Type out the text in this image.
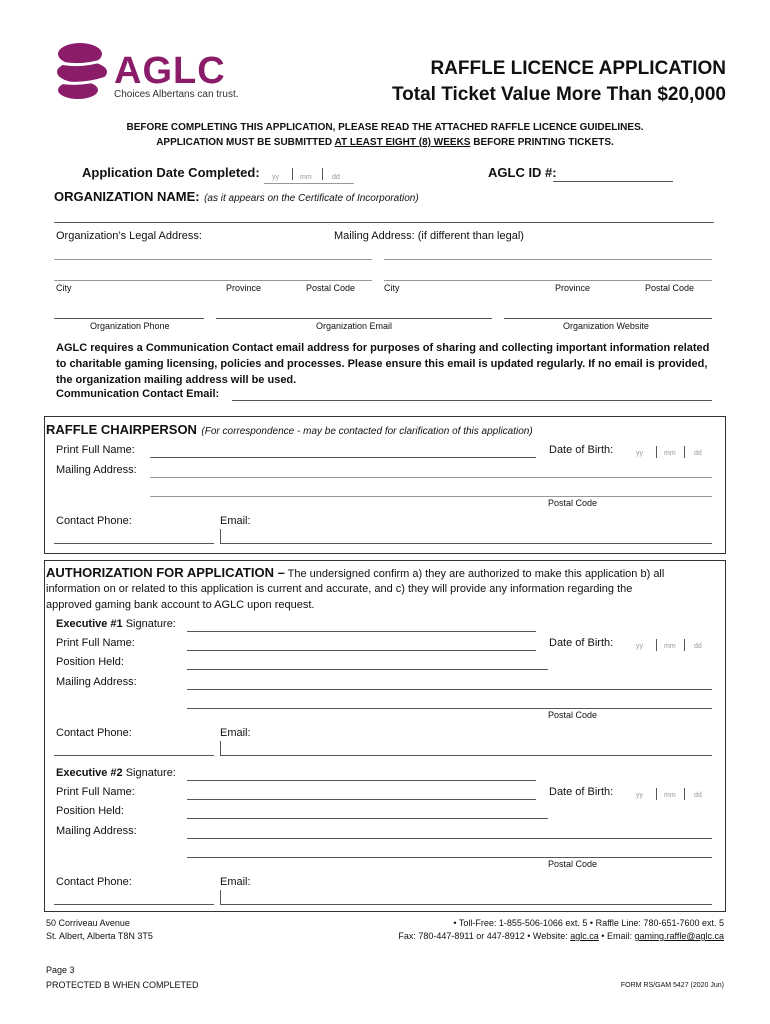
AGLC
Choices Albertans can trust.
RAFFLE LICENCE APPLICATION
Total Ticket Value More Than $20,000
BEFORE COMPLETING THIS APPLICATION, PLEASE READ THE ATTACHED RAFFLE LICENCE GUIDELINES.
APPLICATION MUST BE SUBMITTED AT LEAST EIGHT (8) WEEKS BEFORE PRINTING TICKETS.
Application Date Completed: yy	mm	dd	AGLC ID #:
ORGANIZATION NAME: (as it appears on the Certificate of Incorporation)
Organization’s Legal Address:	Mailing Address: (if different than legal)
City	Province	Postal Code	City	Province	Postal Code
Organization Phone	Organization Email	Organization Website
AGLC requires a Communication Contact email address for purposes of sharing and collecting important information related to charitable gaming licensing, policies and processes. Please ensure this email is updated regularly. If no email is provided, the organization mailing address will be used.
Communication Contact Email:
RAFFLE CHAIRPERSON (For correspondence - may be contacted for clarification of this application)
Print Full Name:	Date of Birth:	yy	mm	dd
Mailing Address:
Postal Code
Contact Phone:	Email:
AUTHORIZATION FOR APPLICATION – The undersigned confirm a) they are authorized to make this application b) all
information on or related to this application is current and accurate, and c) they will provide any information regarding the
approved gaming bank account to AGLC upon request.
Executive #1 Signature:
Print Full Name:	Date of Birth:	yy	mm	dd
Position Held:
Mailing Address:
Postal Code
Contact Phone:	Email:
Executive #2 Signature:
Print Full Name:	Date of Birth:	yy	mm	dd
Position Held:
Mailing Address:
Postal Code
Contact Phone:	Email:
50 Corriveau Avenue
St. Albert, Alberta T8N 3T5
• Toll-Free: 1-855-506-1066 ext. 5 • Raffle Line: 780-651-7600 ext. 5
Fax: 780-447-8911 or 447-8912 • Website: aglc.ca • Email: gaming.raffle@aglc.ca
Page 3
PROTECTED B WHEN COMPLETED	FORM RS/GAM 5427 (2020 Jun)
